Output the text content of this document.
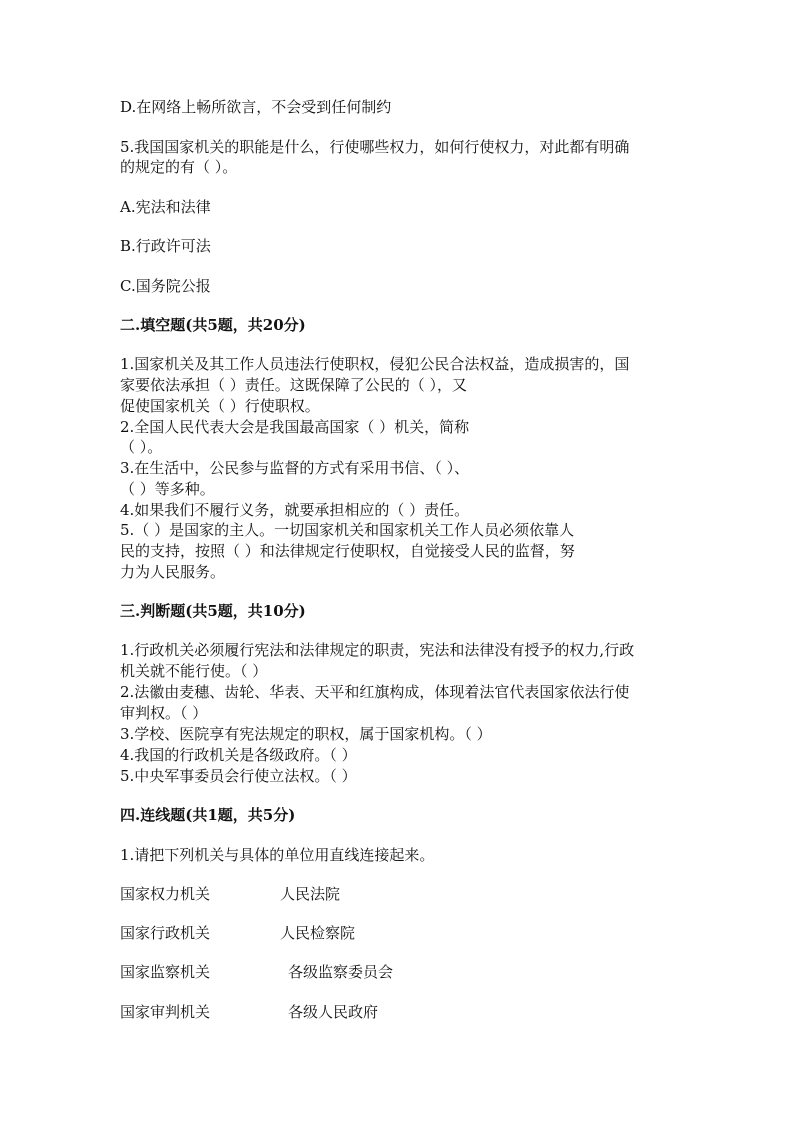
D.在网络上畅所欲言，不会受到任何制约
5.我国国家机关的职能是什么，行使哪些权力，如何行使权力，对此都有明确
的规定的有（ ）。
A.宪法和法律
B.行政许可法
C.国务院公报
二.填空题(共5题，共20分)
1.国家机关及其工作人员违法行使职权，侵犯公民合法权益，造成损害的，国
家要依法承担（ ）责任。这既保障了公民的（ ），又
促使国家机关（ ）行使职权。
2.全国人民代表大会是我国最高国家（ ）机关，简称
（ ）。
3.在生活中，公民参与监督的方式有采用书信、（ ）、
（ ）等多种。
4.如果我们不履行义务，就要承担相应的（ ）责任。
5.（ ）是国家的主人。一切国家机关和国家机关工作人员必须依靠人
民的支持，按照（ ）和法律规定行使职权，自觉接受人民的监督，努
力为人民服务。
三.判断题(共5题，共10分)
1.行政机关必须履行宪法和法律规定的职责，宪法和法律没有授予的权力,行政
机关就不能行使。（ ）
2.法徽由麦穗、齿轮、华表、天平和红旗构成，体现着法官代表国家依法行使
审判权。（ ）
3.学校、医院享有宪法规定的职权，属于国家机构。（ ）
4.我国的行政机关是各级政府。（ ）
5.中央军事委员会行使立法权。（ ）
四.连线题(共1题，共5分)
1.请把下列机关与具体的单位用直线连接起来。
国家权力机关	人民法院
国家行政机关	人民检察院
国家监察机关	各级监察委员会
国家审判机关	各级人民政府
